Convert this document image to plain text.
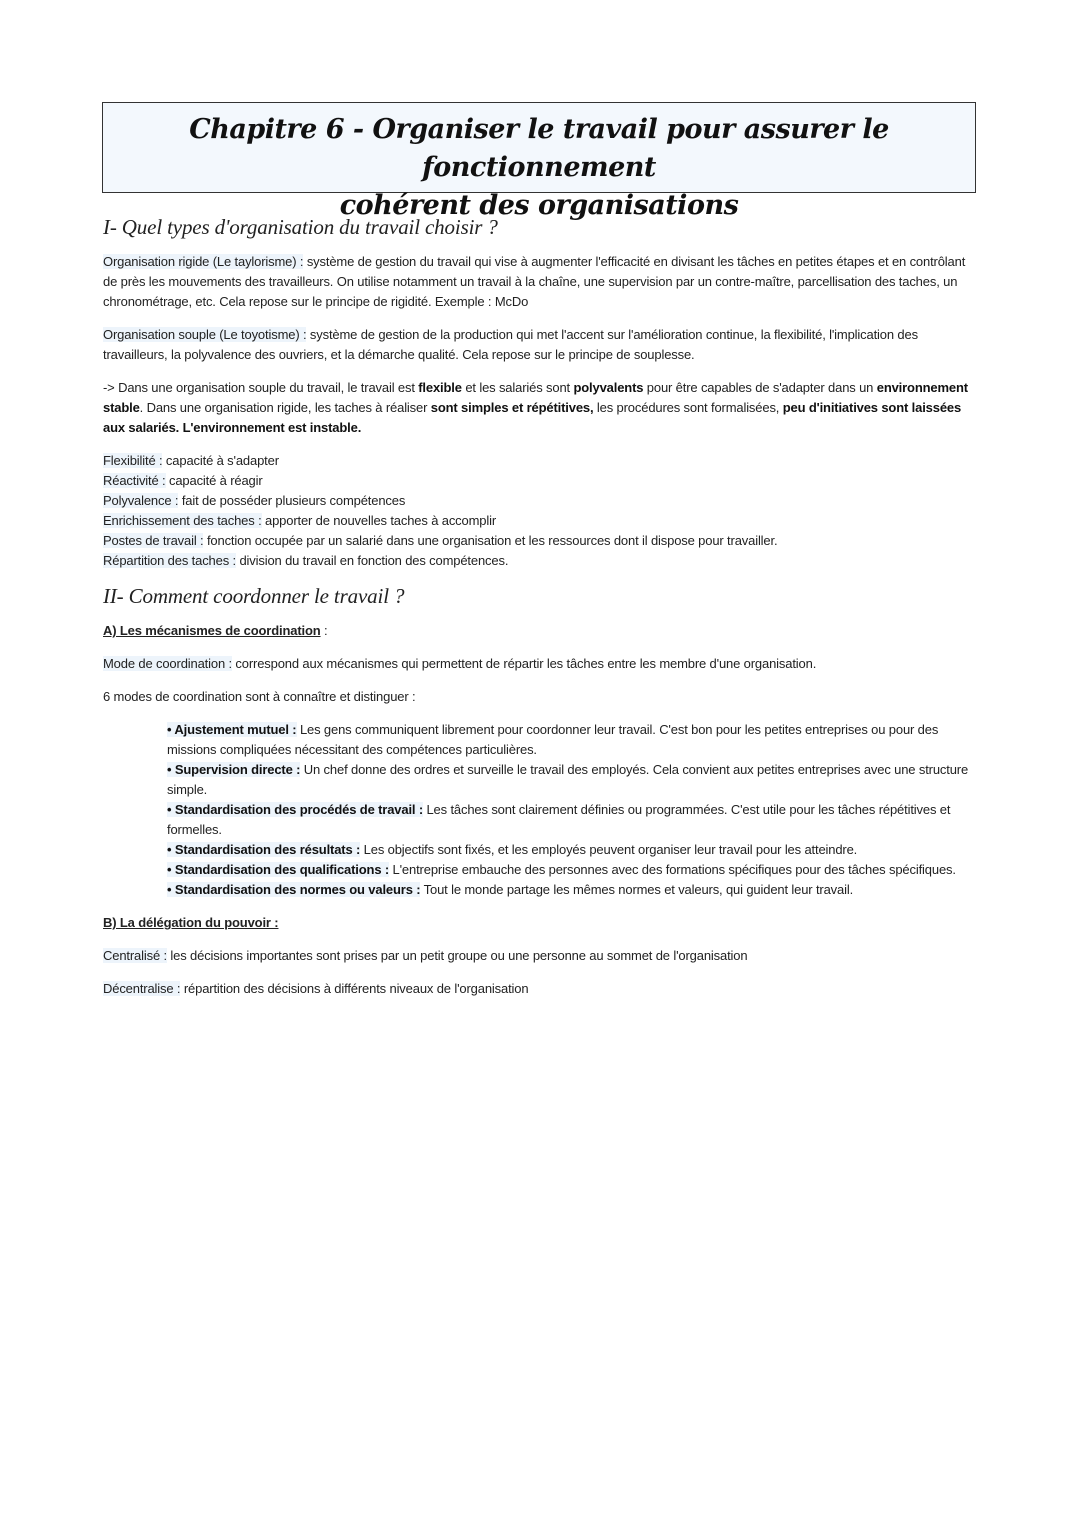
Chapitre 6 - Organiser le travail pour assurer le fonctionnement
cohérent des organisations
I- Quel types d'organisation du travail choisir ?

Organisation rigide (Le taylorisme) : système de gestion du travail qui vise à augmenter l'efficacité en divisant les tâches en petites étapes et en contrôlant de près les mouvements des travailleurs. On utilise notamment un travail à la chaîne, une supervision par un contre-maître, parcellisation des taches, un chronométrage, etc. Cela repose sur le principe de rigidité. Exemple : McDo

Organisation souple (Le toyotisme) : système de gestion de la production qui met l'accent sur l'amélioration continue, la flexibilité, l'implication des travailleurs, la polyvalence des ouvriers, et la démarche qualité. Cela repose sur le principe de souplesse.

-> Dans une organisation souple du travail, le travail est flexible et les salariés sont polyvalents pour être capables de s'adapter dans un environnement stable. Dans une organisation rigide, les taches à réaliser sont simples et répétitives, les procédures sont formalisées, peu d'initiatives sont laissées aux salariés. L'environnement est instable.

Flexibilité : capacité à s'adapter

Réactivité : capacité à réagir

Polyvalence : fait de posséder plusieurs compétences

Enrichissement des taches : apporter de nouvelles taches à accomplir

Postes de travail : fonction occupée par un salarié dans une organisation et les ressources dont il dispose pour travailler.

Répartition des taches : division du travail en fonction des compétences.

II- Comment coordonner le travail ?

A) Les mécanismes de coordination :

Mode de coordination : correspond aux mécanismes qui permettent de répartir les tâches entre les membre d'une organisation.

6 modes de coordination sont à connaître et distinguer :

• Ajustement mutuel : Les gens communiquent librement pour coordonner leur travail. C'est bon pour les petites entreprises ou pour des missions compliquées nécessitant des compétences particulières.
• Supervision directe : Un chef donne des ordres et surveille le travail des employés. Cela convient aux petites entreprises avec une structure simple.
• Standardisation des procédés de travail : Les tâches sont clairement définies ou programmées. C'est utile pour les tâches répétitives et formelles.
• Standardisation des résultats : Les objectifs sont fixés, et les employés peuvent organiser leur travail pour les atteindre.
• Standardisation des qualifications : L'entreprise embauche des personnes avec des formations spécifiques pour des tâches spécifiques.
• Standardisation des normes ou valeurs : Tout le monde partage les mêmes normes et valeurs, qui guident leur travail.

B) La délégation du pouvoir :

Centralisé : les décisions importantes sont prises par un petit groupe ou une personne au sommet de l'organisation

Décentralise : répartition des décisions à différents niveaux de l'organisation
